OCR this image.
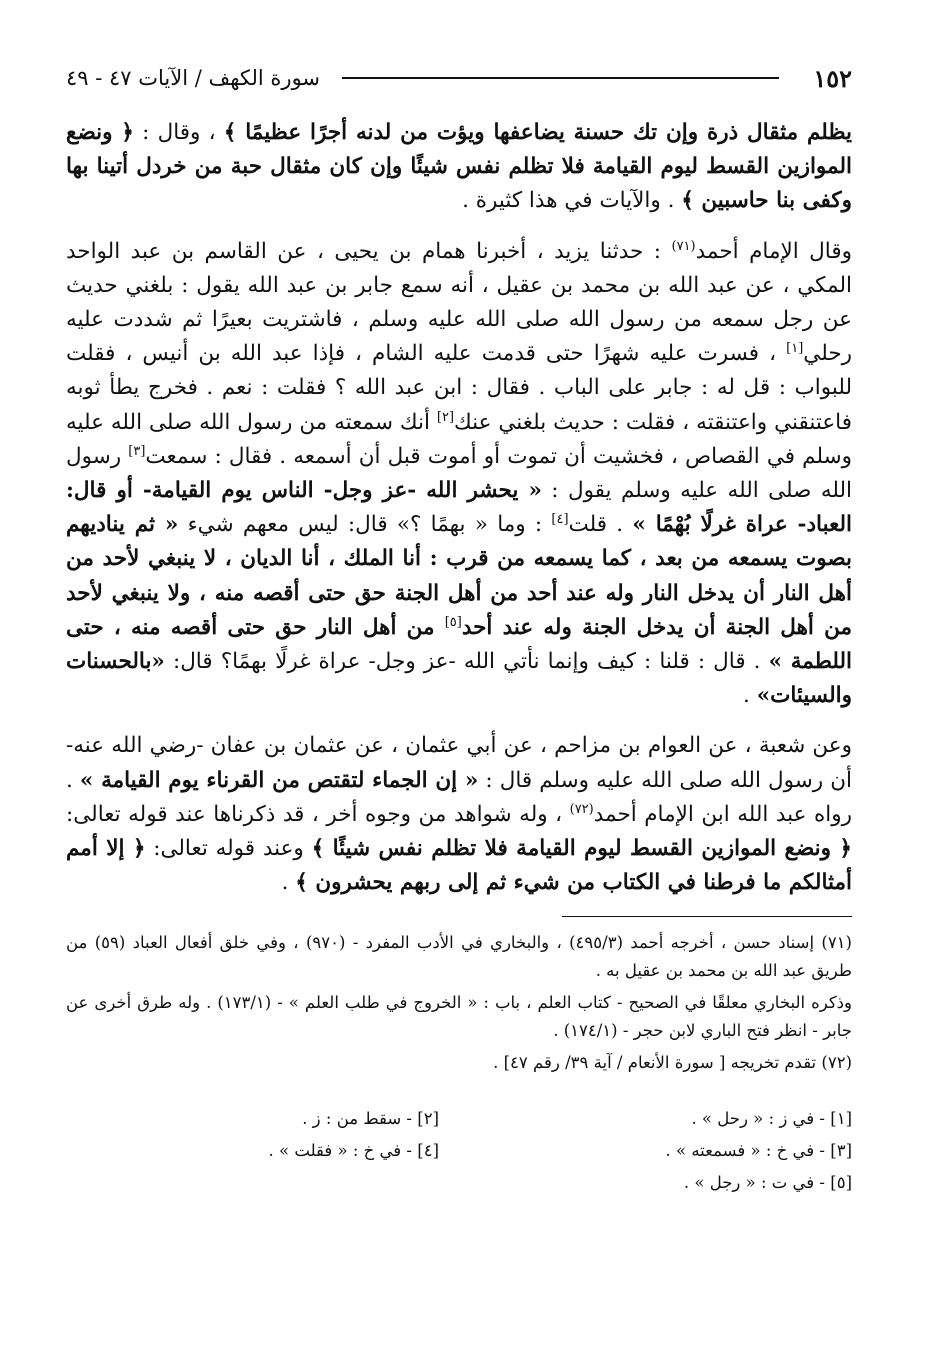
١٥٢
سورة الكهف / الآيات ٤٧ - ٤٩

يظلم مثقال ذرة وإن تك حسنة يضاعفها ويؤت من لدنه أجرًا عظيمًا ﴾ ، وقال : ﴿ ونضع الموازين القسط ليوم القيامة فلا تظلم نفس شيئًا وإن كان مثقال حبة من خردل أتينا بها وكفى بنا حاسبين ﴾ . والآيات في هذا كثيرة .

وقال الإمام أحمد$^{(٧١)}$ : حدثنا يزيد ، أخبرنا همام بن يحيى ، عن القاسم بن عبد الواحد المكي ، عن عبد الله بن محمد بن عقيل ، أنه سمع جابر بن عبد الله يقول : بلغني حديث عن رجل سمعه من رسول الله صلى الله عليه وسلم ، فاشتريت بعيرًا ثم شددت عليه رحلي[١] ، فسرت عليه شهرًا حتى قدمت عليه الشام ، فإذا عبد الله بن أنيس ، فقلت للبواب : قل له : جابر على الباب . فقال : ابن عبد الله ؟ فقلت : نعم . فخرج يطأ ثوبه فاعتنقني واعتنقته ، فقلت : حديث بلغني عنك[٢] أنك سمعته من رسول الله صلى الله عليه وسلم في القصاص ، فخشيت أن تموت أو أموت قبل أن أسمعه . فقال : سمعت[٣] رسول الله صلى الله عليه وسلم يقول : « يحشر الله -عز وجل- الناس يوم القيامة- أو قال: العباد- عراة غرلًا بُهْمًا » . قلت[٤] : وما « بهمًا ؟» قال: ليس معهم شيء « ثم يناديهم بصوت يسمعه من بعد ، كما يسمعه من قرب : أنا الملك ، أنا الديان ، لا ينبغي لأحد من أهل النار أن يدخل النار وله عند أحد من أهل الجنة حق حتى أقصه منه ، ولا ينبغي لأحد من أهل الجنة أن يدخل الجنة وله عند أحد[٥] من أهل النار حق حتى أقصه منه ، حتى اللطمة » . قال : قلنا : كيف وإنما نأتي الله -عز وجل- عراة غرلًا بهمًا؟ قال: «بالحسنات والسيئات» .

وعن شعبة ، عن العوام بن مزاحم ، عن أبي عثمان ، عن عثمان بن عفان -رضي الله عنه- أن رسول الله صلى الله عليه وسلم قال : « إن الجماء لتقتص من القرناء يوم القيامة » . رواه عبد الله ابن الإمام أحمد$^{(٧٢)}$ ، وله شواهد من وجوه أخر ، قد ذكرناها عند قوله تعالى: ﴿ ونضع الموازين القسط ليوم القيامة فلا تظلم نفس شيئًا ﴾ وعند قوله تعالى: ﴿ إلا أمم أمثالكم ما فرطنا في الكتاب من شيء ثم إلى ربهم يحشرون ﴾ .

(٧١) إسناد حسن ، أخرجه أحمد (٤٩٥/٣) ، والبخاري في الأدب المفرد - (٩٧٠) ، وفي خلق أفعال العباد (٥٩) من طريق عبد الله بن محمد بن عقيل به .

وذكره البخاري معلقًا في الصحيح - كتاب العلم ، باب : « الخروج في طلب العلم » - (١٧٣/١) . وله طرق أخرى عن جابر - انظر فتح الباري لابن حجر - (١٧٤/١) .

(٧٢) تقدم تخريجه [ سورة الأنعام / آية ٣٩/ رقم ٤٧] .

[١] - في ز : « رحل » .
[٢] - سقط من : ز .
[٣] - في خ : « فسمعته » .
[٤] - في خ : « فقلت » .
[٥] - في ت : « رجل » .
